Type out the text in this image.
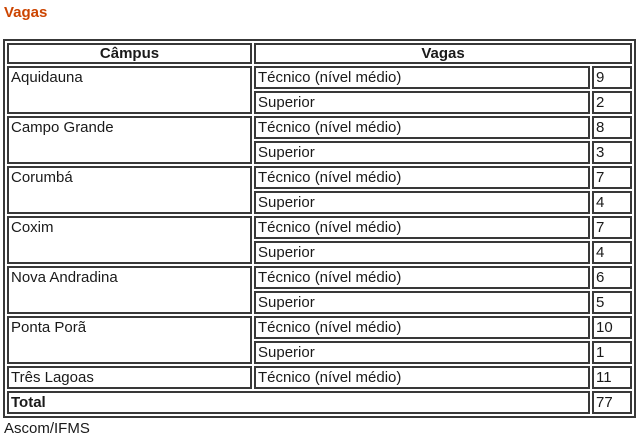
Vagas
Câmpus	Vagas	
Aquidauna	Técnico (nível médio)	9
	Superior	2
Campo Grande	Técnico (nível médio)	8
	Superior	3
Corumbá	Técnico (nível médio)	7
	Superior	4
Coxim	Técnico (nível médio)	7
	Superior	4
Nova Andradina	Técnico (nível médio)	6
	Superior	5
Ponta Porã	Técnico (nível médio)	10
	Superior	1
Três Lagoas	Técnico (nível médio)	11
Total		77
Ascom/IFMS
